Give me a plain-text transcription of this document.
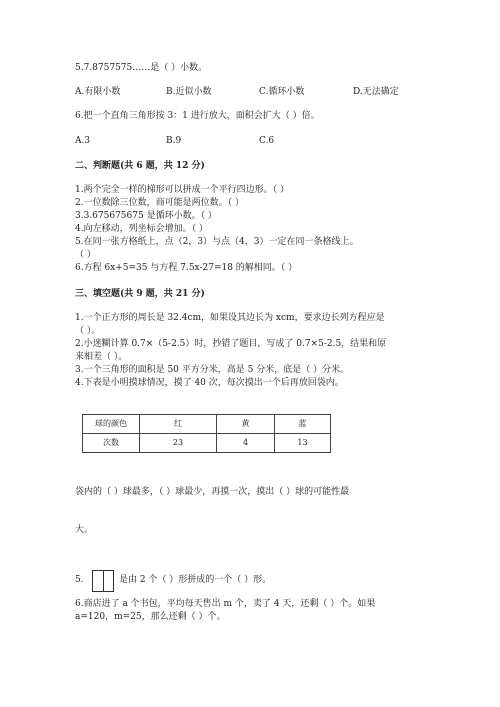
5.7.8757575……是（ ）小数。
A.有限小数	B.近似小数	C.循环小数	D.无法确定
6.把一个直角三角形按 3：1 进行放大，面积会扩大（ ）倍。
A.3	B.9	C.6
二、判断题(共 6 题，共 12 分)
1.两个完全一样的梯形可以拼成一个平行四边形。（ ）
2.一位数除三位数，商可能是两位数。（ ）
3.3.675675675 是循环小数。（ ）
4.向左移动，列坐标会增加。（ ）
5.在同一张方格纸上，点（2，3）与点（4，3）一定在同一条格线上。
（ ）
6.方程 6x+5=35 与方程 7.5x-27=18 的解相同。（ ）
三、填空题(共 9 题，共 21 分)
1.一个正方形的周长是 32.4cm，如果设其边长为 xcm，要求边长列方程应是
（ ）。
2.小迷糊计算 0.7×（5-2.5）时，抄错了题目，写成了 0.7×5-2.5，结果和原
来相差（ ）。
3.一个三角形的面积是 50 平方分米，高是 5 分米，底是（ ）分米。
4.下表是小明摸球情况，摸了 40 次，每次摸出一个后再放回袋内。
球的颜色	红	黄	蓝
次数	23	4	13
袋内的（ ）球最多，（ ）球最少，再摸一次，摸出（ ）球的可能性最
大。
5.	是由 2 个（ ）形拼成的一个（ ）形。
6.商店进了 a 个书包，平均每天售出 m 个，卖了 4 天，还剩（ ）个。如果
a=120，m=25，那么还剩（ ）个。
